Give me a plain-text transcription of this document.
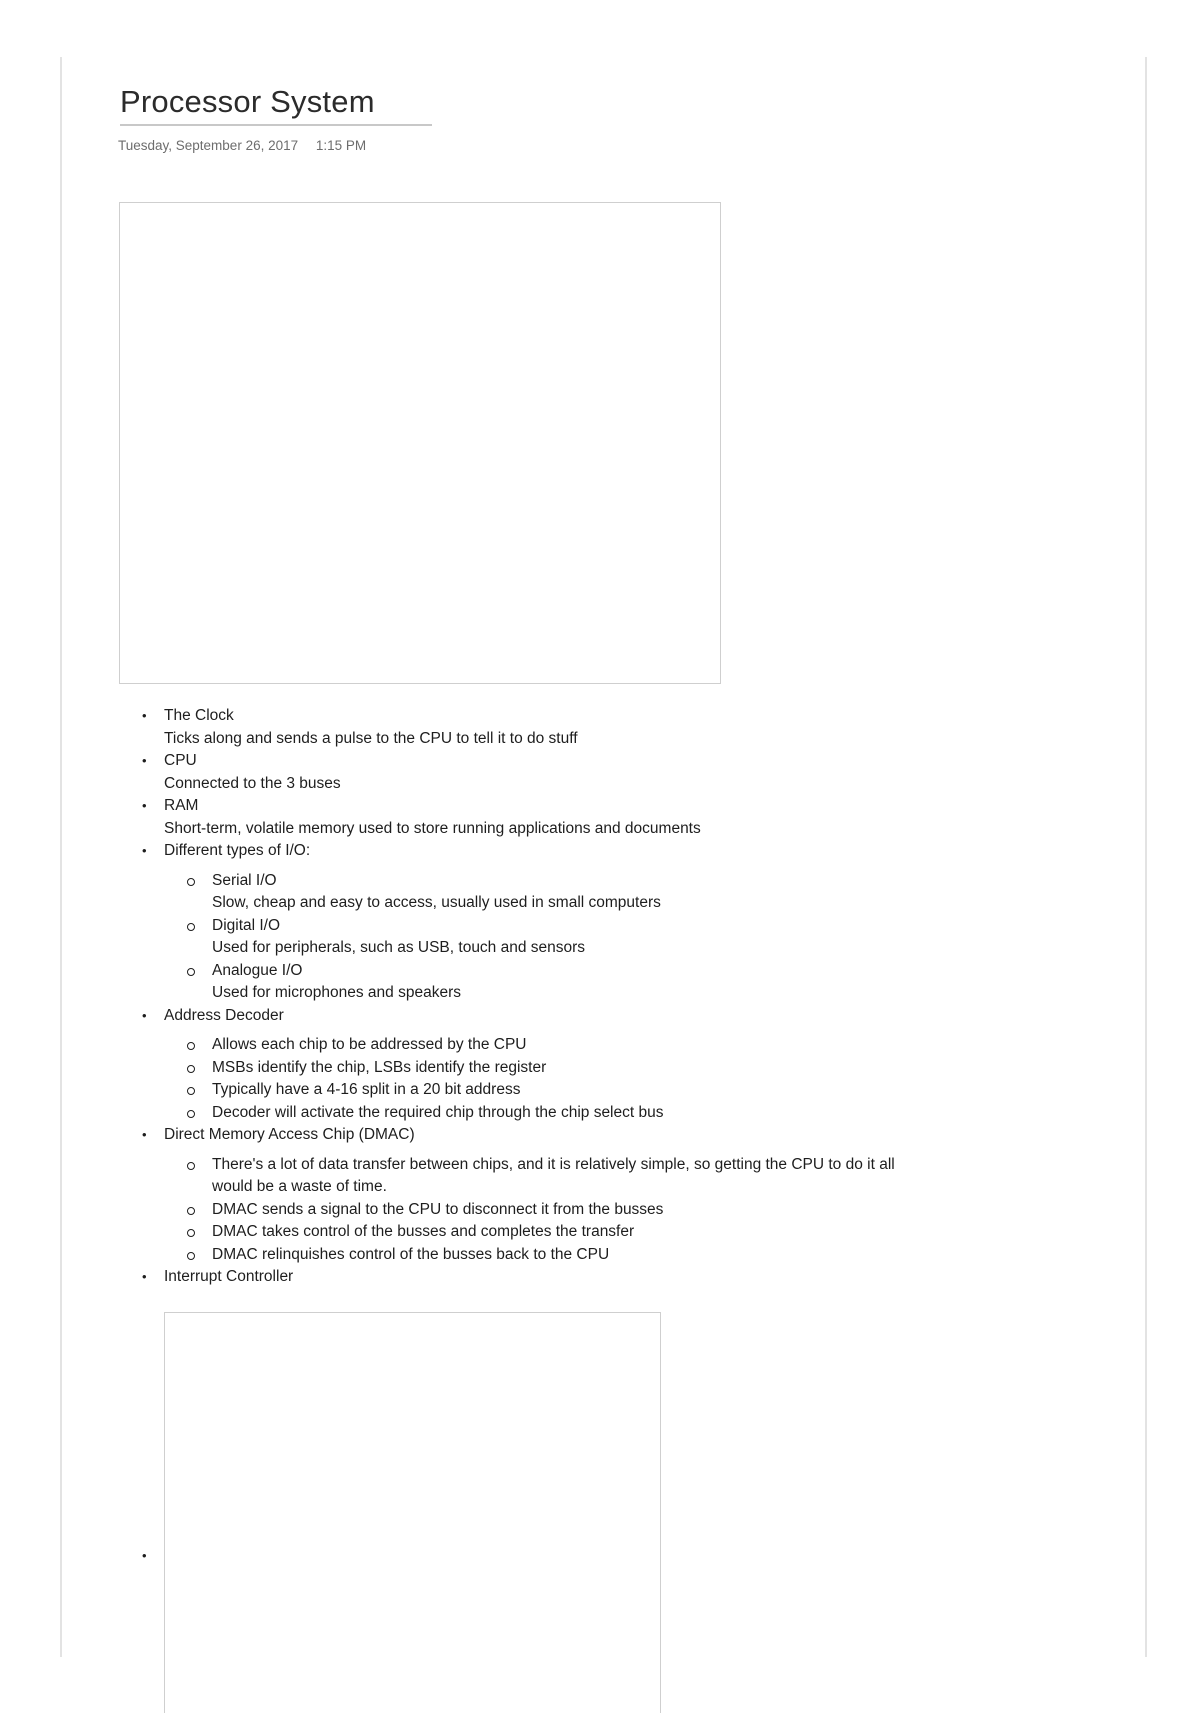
Processor System
Tuesday, September 26, 2017 1:15 PM
• The Clock
Ticks along and sends a pulse to the CPU to tell it to do stuff
• CPU
Connected to the 3 buses
• RAM
Short-term, volatile memory used to store running applications and documents
• Different types of I/O:
Serial I/O
Slow, cheap and easy to access, usually used in small computers
Digital I/O
Used for peripherals, such as USB, touch and sensors
Analogue I/O
Used for microphones and speakers
• Address Decoder
Allows each chip to be addressed by the CPU
MSBs identify the chip, LSBs identify the register
Typically have a 4-16 split in a 20 bit address
Decoder will activate the required chip through the chip select bus
• Direct Memory Access Chip (DMAC)
There's a lot of data transfer between chips, and it is relatively simple, so getting the CPU to do it all would be a waste of time.
DMAC sends a signal to the CPU to disconnect it from the busses
DMAC takes control of the busses and completes the transfer
DMAC relinquishes control of the busses back to the CPU
• Interrupt Controller
•
